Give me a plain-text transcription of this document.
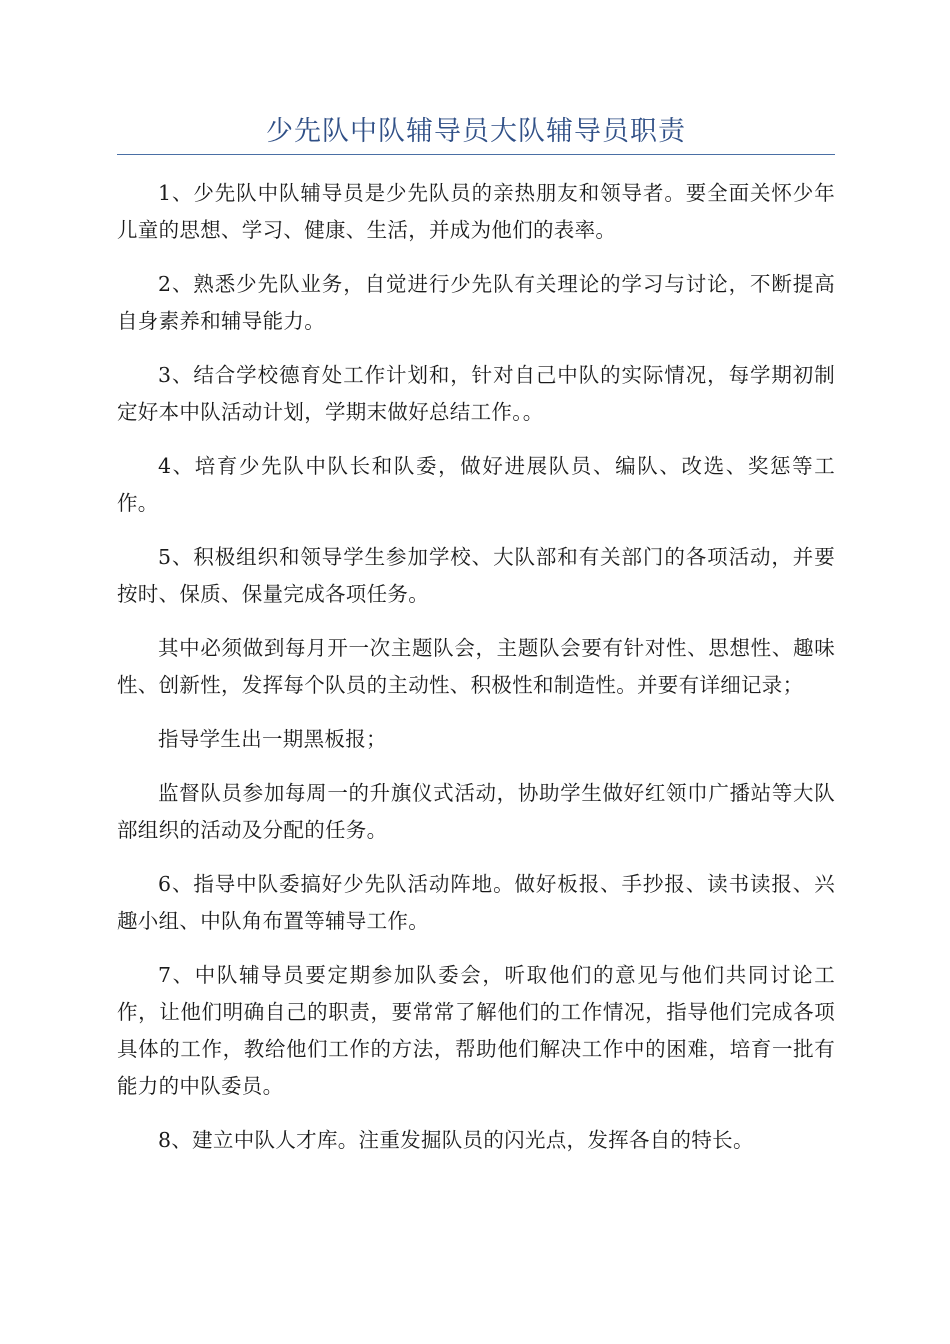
少先队中队辅导员大队辅导员职责

1、少先队中队辅导员是少先队员的亲热朋友和领导者。要全面关怀少年儿童的思想、学习、健康、生活，并成为他们的表率。

2、熟悉少先队业务，自觉进行少先队有关理论的学习与讨论，不断提高自身素养和辅导能力。

3、结合学校德育处工作计划和，针对自己中队的实际情况，每学期初制定好本中队活动计划，学期末做好总结工作。。

4、培育少先队中队长和队委，做好进展队员、编队、改选、奖惩等工作。

5、积极组织和领导学生参加学校、大队部和有关部门的各项活动，并要按时、保质、保量完成各项任务。

其中必须做到每月开一次主题队会，主题队会要有针对性、思想性、趣味性、创新性，发挥每个队员的主动性、积极性和制造性。并要有详细记录；

指导学生出一期黑板报；

监督队员参加每周一的升旗仪式活动，协助学生做好红领巾广播站等大队部组织的活动及分配的任务。

6、指导中队委搞好少先队活动阵地。做好板报、手抄报、读书读报、兴趣小组、中队角布置等辅导工作。

7、中队辅导员要定期参加队委会，听取他们的意见与他们共同讨论工作，让他们明确自己的职责，要常常了解他们的工作情况，指导他们完成各项具体的工作，教给他们工作的方法，帮助他们解决工作中的困难，培育一批有能力的中队委员。

8、建立中队人才库。注重发掘队员的闪光点，发挥各自的特长。
